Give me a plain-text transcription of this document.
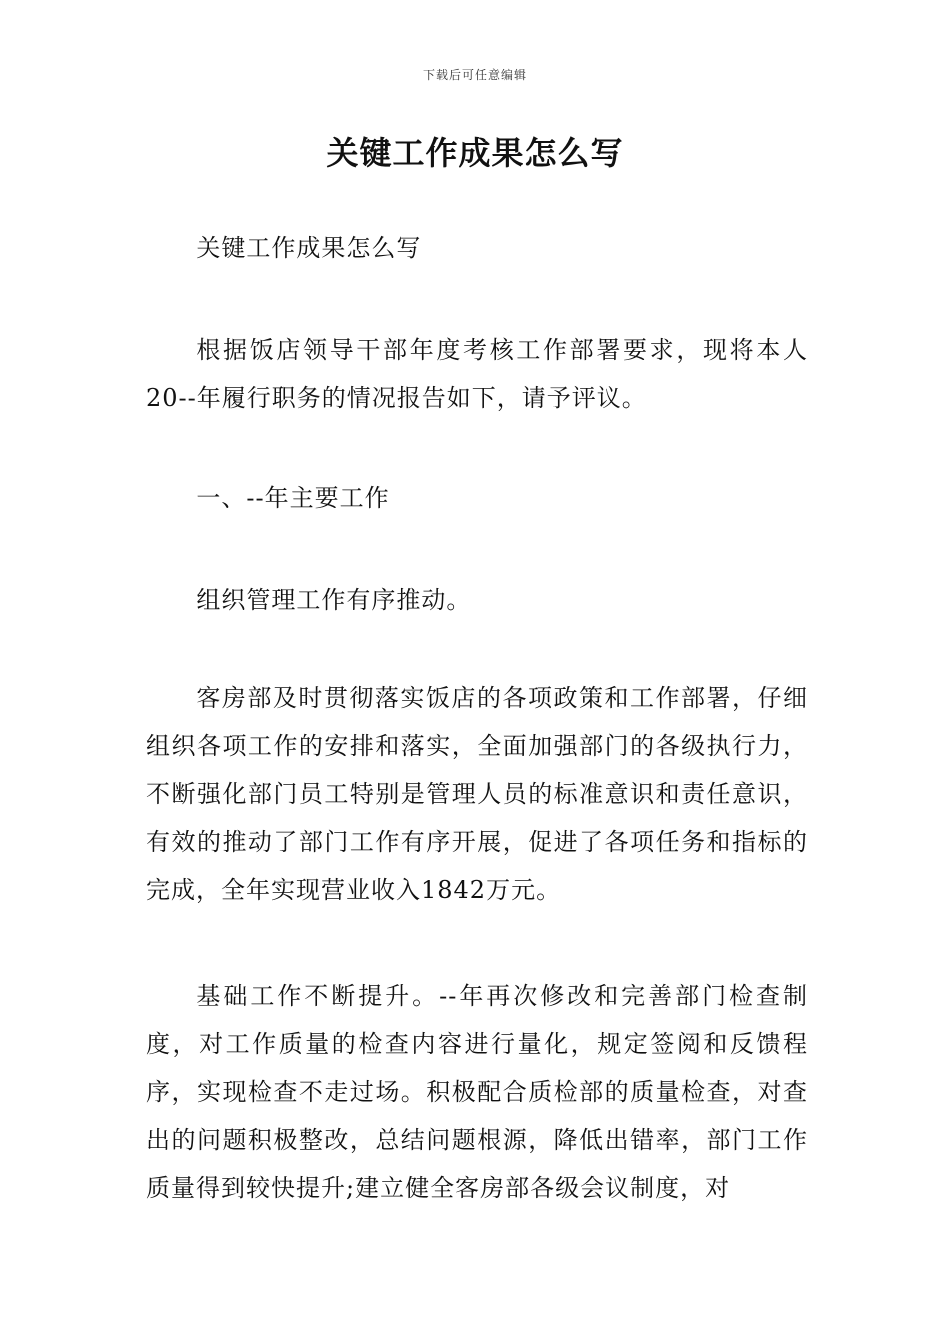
下载后可任意编辑
关键工作成果怎么写

关键工作成果怎么写

根据饭店领导干部年度考核工作部署要求，现将本人20--年履行职务的情况报告如下，请予评议。

一、--年主要工作

组织管理工作有序推动。

客房部及时贯彻落实饭店的各项政策和工作部署，仔细组织各项工作的安排和落实，全面加强部门的各级执行力，不断强化部门员工特别是管理人员的标准意识和责任意识，有效的推动了部门工作有序开展，促进了各项任务和指标的完成，全年实现营业收入1842万元。

基础工作不断提升。--年再次修改和完善部门检查制度，对工作质量的检查内容进行量化，规定签阅和反馈程序，实现检查不走过场。积极配合质检部的质量检查，对查出的问题积极整改，总结问题根源，降低出错率，部门工作质量得到较快提升;建立健全客房部各级会议制度，对
